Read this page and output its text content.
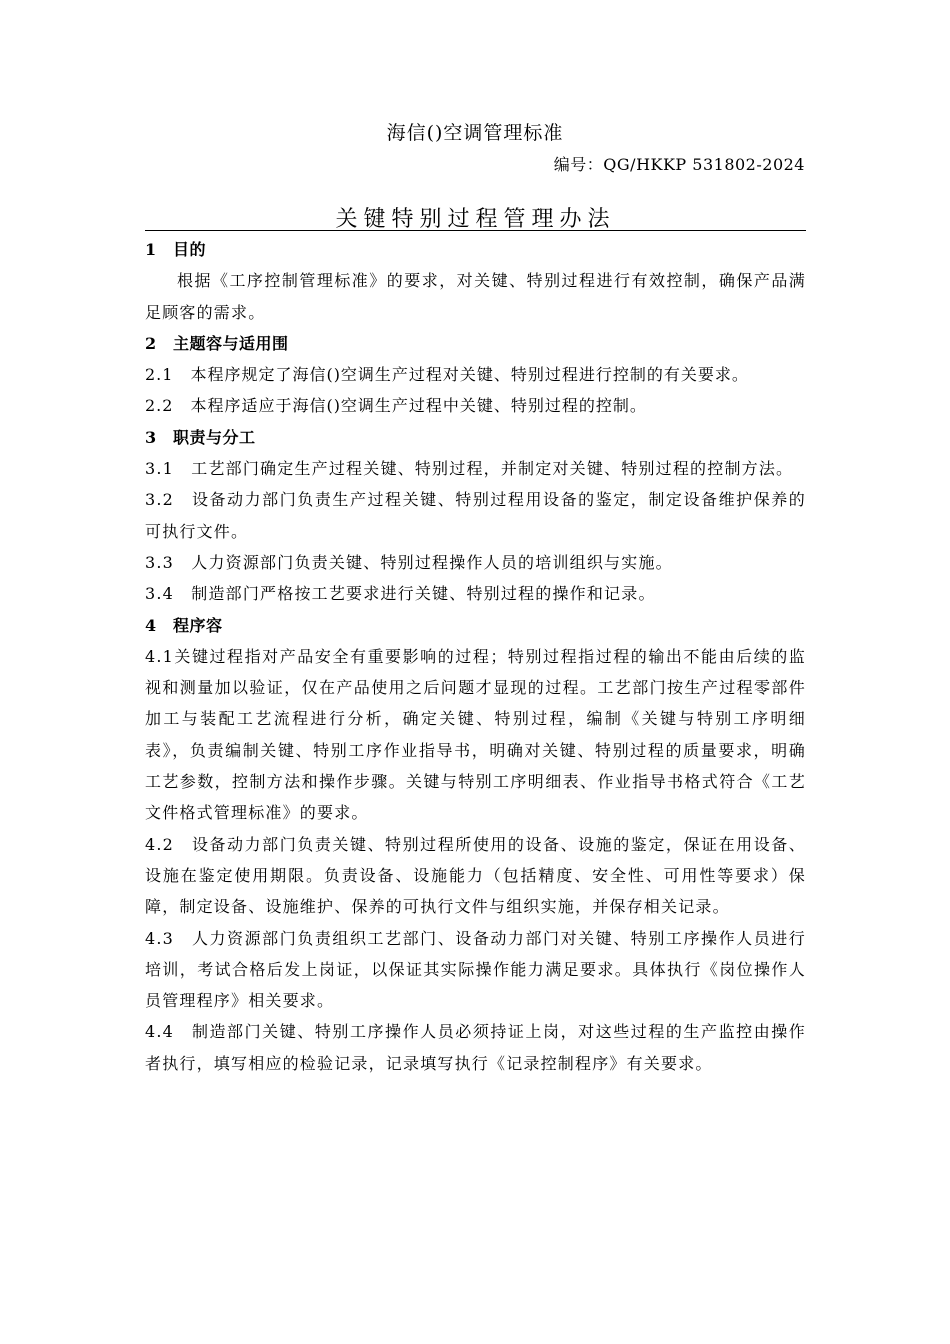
海信()空调管理标准
编号：QG/HKKP 531802-2024
关键特别过程管理办法

1 目的

根据《工序控制管理标准》的要求，对关键、特别过程进行有效控制，确保产品满足顾客的需求。

2 主题容与适用围

2.1　本程序规定了海信()空调生产过程对关键、特别过程进行控制的有关要求。

2.2　本程序适应于海信()空调生产过程中关键、特别过程的控制。

3 职责与分工

3.1　工艺部门确定生产过程关键、特别过程，并制定对关键、特别过程的控制方法。

3.2　设备动力部门负责生产过程关键、特别过程用设备的鉴定，制定设备维护保养的可执行文件。

3.3　人力资源部门负责关键、特别过程操作人员的培训组织与实施。

3.4　制造部门严格按工艺要求进行关键、特别过程的操作和记录。

4 程序容

4.1关键过程指对产品安全有重要影响的过程；特别过程指过程的输出不能由后续的监视和测量加以验证，仅在产品使用之后问题才显现的过程。工艺部门按生产过程零部件加工与装配工艺流程进行分析，确定关键、特别过程，编制《关键与特别工序明细表》，负责编制关键、特别工序作业指导书，明确对关键、特别过程的质量要求，明确工艺参数，控制方法和操作步骤。关键与特别工序明细表、作业指导书格式符合《工艺文件格式管理标准》的要求。

4.2　设备动力部门负责关键、特别过程所使用的设备、设施的鉴定，保证在用设备、设施在鉴定使用期限。负责设备、设施能力（包括精度、安全性、可用性等要求）保障，制定设备、设施维护、保养的可执行文件与组织实施，并保存相关记录。

4.3　人力资源部门负责组织工艺部门、设备动力部门对关键、特别工序操作人员进行培训，考试合格后发上岗证，以保证其实际操作能力满足要求。具体执行《岗位操作人员管理程序》相关要求。

4.4　制造部门关键、特别工序操作人员必须持证上岗，对这些过程的生产监控由操作者执行，填写相应的检验记录，记录填写执行《记录控制程序》有关要求。
